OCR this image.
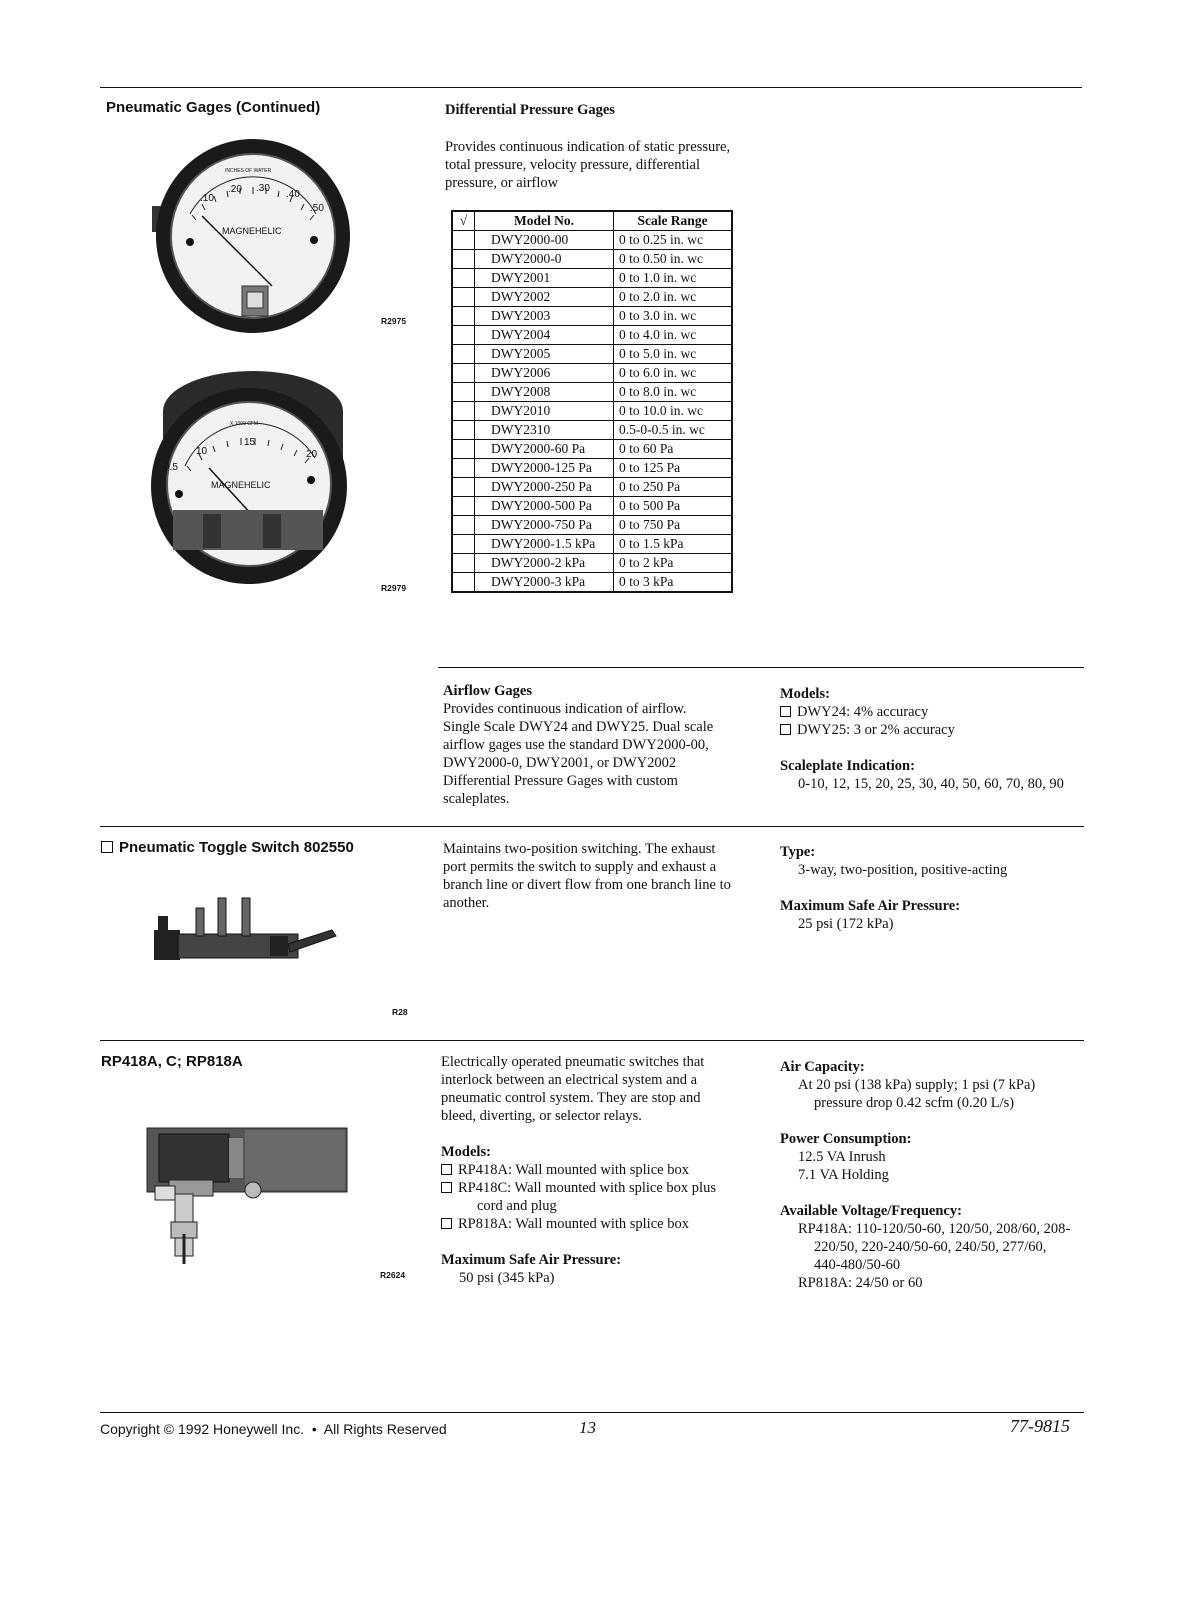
Pneumatic Gages (Continued)
INCHES OF WATER
.10
.20 .30
.40
.50
MAGNEHELIC
R2975
X 1000 CFM
0.5
10
15
20
MAGNEHELIC
R2979
Differential Pressure Gages
Provides continuous indication of static pressure, total pressure, velocity pressure, differential pressure, or airflow
√	Model No.	Scale Range
	DWY2000-00	0 to 0.25 in. wc
	DWY2000-0	0 to 0.50 in. wc
	DWY2001	0 to 1.0 in. wc
	DWY2002	0 to 2.0 in. wc
	DWY2003	0 to 3.0 in. wc
	DWY2004	0 to 4.0 in. wc
	DWY2005	0 to 5.0 in. wc
	DWY2006	0 to 6.0 in. wc
	DWY2008	0 to 8.0 in. wc
	DWY2010	0 to 10.0 in. wc
	DWY2310	0.5-0-0.5 in. wc
	DWY2000-60 Pa	0 to 60 Pa
	DWY2000-125 Pa	0 to 125 Pa
	DWY2000-250 Pa	0 to 250 Pa
	DWY2000-500 Pa	0 to 500 Pa
	DWY2000-750 Pa	0 to 750 Pa
	DWY2000-1.5 kPa	0 to 1.5 kPa
	DWY2000-2 kPa	0 to 2 kPa
	DWY2000-3 kPa	0 to 3 kPa
Airflow Gages
Provides continuous indication of airflow.
Single Scale DWY24 and DWY25. Dual scale
airflow gages use the standard DWY2000-00,
DWY2000-0, DWY2001, or DWY2002
Differential Pressure Gages with custom
scaleplates.
Models:
DWY24: 4% accuracy
DWY25: 3 or 2% accuracy
Scaleplate Indication:
0-10, 12, 15, 20, 25, 30, 40, 50, 60, 70, 80, 90
Pneumatic Toggle Switch 802550
R28
Maintains two-position switching. The exhaust
port permits the switch to supply and exhaust a
branch line or divert flow from one branch line to
another.
Type:
3-way, two-position, positive-acting
Maximum Safe Air Pressure:
25 psi (172 kPa)
RP418A, C; RP818A
R2624
Electrically operated pneumatic switches that
interlock between an electrical system and a
pneumatic control system. They are stop and
bleed, diverting, or selector relays.
Models:
RP418A: Wall mounted with splice box
RP418C: Wall mounted with splice box plus
cord and plug
RP818A: Wall mounted with splice box
Maximum Safe Air Pressure:
50 psi (345 kPa)
Air Capacity:
At 20 psi (138 kPa) supply; 1 psi (7 kPa)
pressure drop 0.42 scfm (0.20 L/s)
Power Consumption:
12.5 VA Inrush
7.1 VA Holding
Available Voltage/Frequency:
RP418A: 110-120/50-60, 120/50, 208/60, 208-
220/50, 220-240/50-60, 240/50, 277/60,
440-480/50-60
RP818A: 24/50 or 60
Copyright © 1992 Honeywell Inc.  •  All Rights Reserved	13	77-9815
